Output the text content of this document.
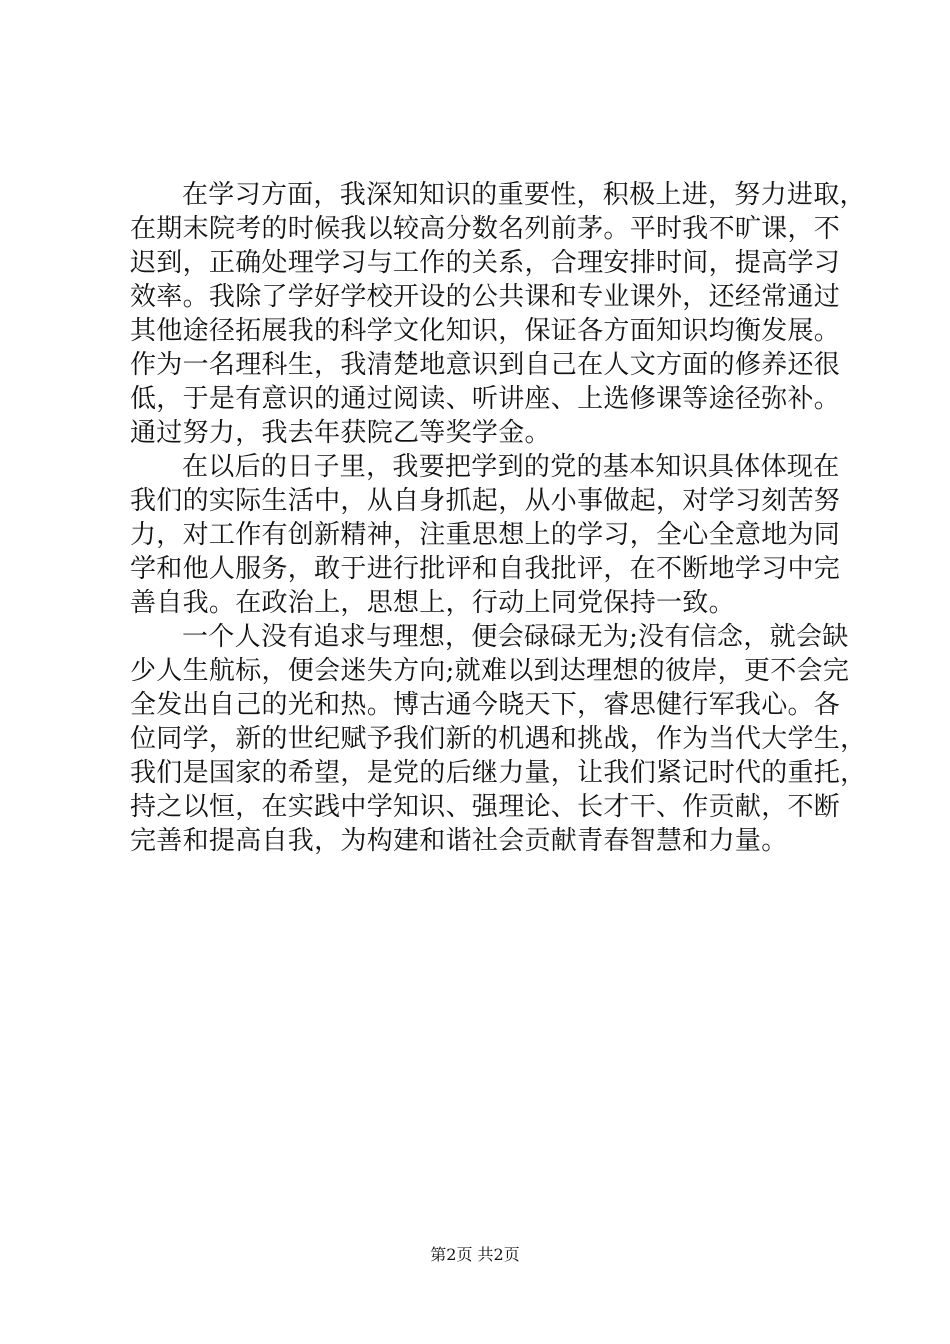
在学习方面，我深知知识的重要性，积极上进，努力进取，
在期末院考的时候我以较高分数名列前茅。平时我不旷课，不
迟到，正确处理学习与工作的关系，合理安排时间，提高学习
效率。我除了学好学校开设的公共课和专业课外，还经常通过
其他途径拓展我的科学文化知识，保证各方面知识均衡发展。
作为一名理科生，我清楚地意识到自己在人文方面的修养还很
低，于是有意识的通过阅读、听讲座、上选修课等途径弥补。
通过努力，我去年获院乙等奖学金。
在以后的日子里，我要把学到的党的基本知识具体体现在
我们的实际生活中，从自身抓起，从小事做起，对学习刻苦努
力，对工作有创新精神，注重思想上的学习，全心全意地为同
学和他人服务，敢于进行批评和自我批评，在不断地学习中完
善自我。在政治上，思想上，行动上同党保持一致。
一个人没有追求与理想，便会碌碌无为;没有信念，就会缺
少人生航标，便会迷失方向;就难以到达理想的彼岸，更不会完
全发出自己的光和热。博古通今晓天下，睿思健行军我心。各
位同学，新的世纪赋予我们新的机遇和挑战，作为当代大学生，
我们是国家的希望，是党的后继力量，让我们紧记时代的重托，
持之以恒，在实践中学知识、强理论、长才干、作贡献，不断
完善和提高自我，为构建和谐社会贡献青春智慧和力量。
第2页 共2页
